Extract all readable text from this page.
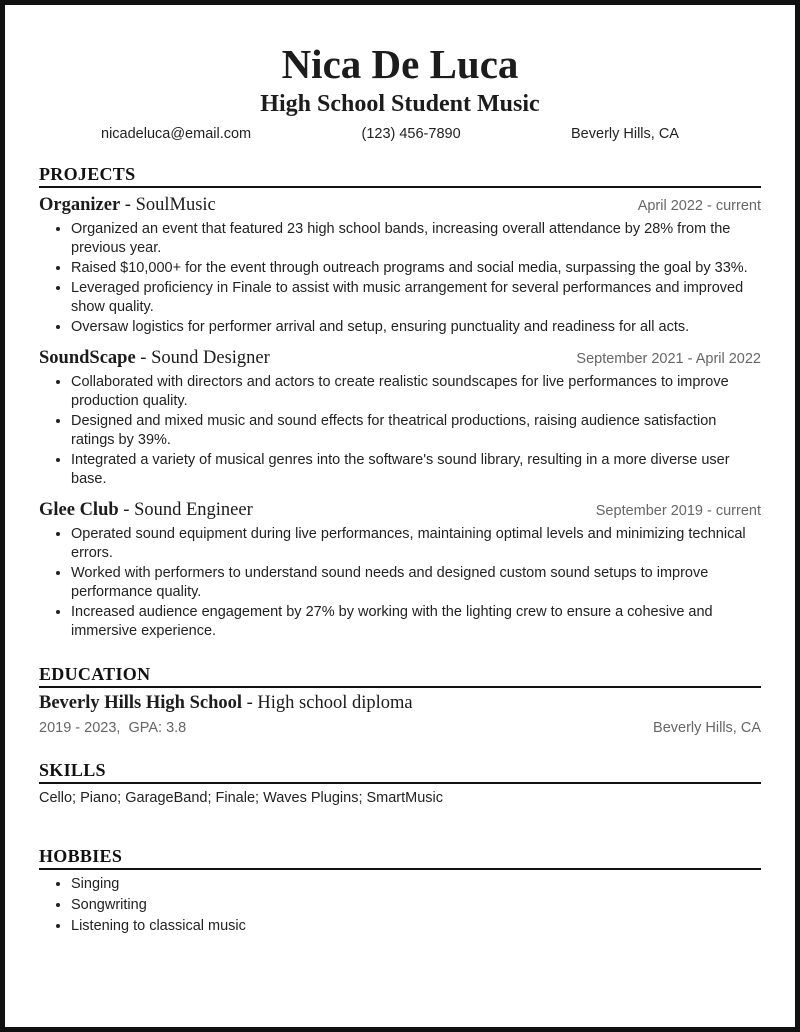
Nica De Luca
High School Student Music
nicadeluca@email.com	(123) 456-7890	Beverly Hills, CA
PROJECTS
Organizer - SoulMusic	April 2022 - current
• Organized an event that featured 23 high school bands, increasing overall attendance by 28% from the previous year.
• Raised $10,000+ for the event through outreach programs and social media, surpassing the goal by 33%.
• Leveraged proficiency in Finale to assist with music arrangement for several performances and improved show quality.
• Oversaw logistics for performer arrival and setup, ensuring punctuality and readiness for all acts.
SoundScape - Sound Designer	September 2021 - April 2022
• Collaborated with directors and actors to create realistic soundscapes for live performances to improve production quality.
• Designed and mixed music and sound effects for theatrical productions, raising audience satisfaction ratings by 39%.
• Integrated a variety of musical genres into the software's sound library, resulting in a more diverse user base.
Glee Club - Sound Engineer	September 2019 - current
• Operated sound equipment during live performances, maintaining optimal levels and minimizing technical errors.
• Worked with performers to understand sound needs and designed custom sound setups to improve performance quality.
• Increased audience engagement by 27% by working with the lighting crew to ensure a cohesive and immersive experience.
EDUCATION
Beverly Hills High School - High school diploma
2019 - 2023,  GPA: 3.8	Beverly Hills, CA
SKILLS
Cello; Piano; GarageBand; Finale; Waves Plugins; SmartMusic
HOBBIES
• Singing
• Songwriting
• Listening to classical music
